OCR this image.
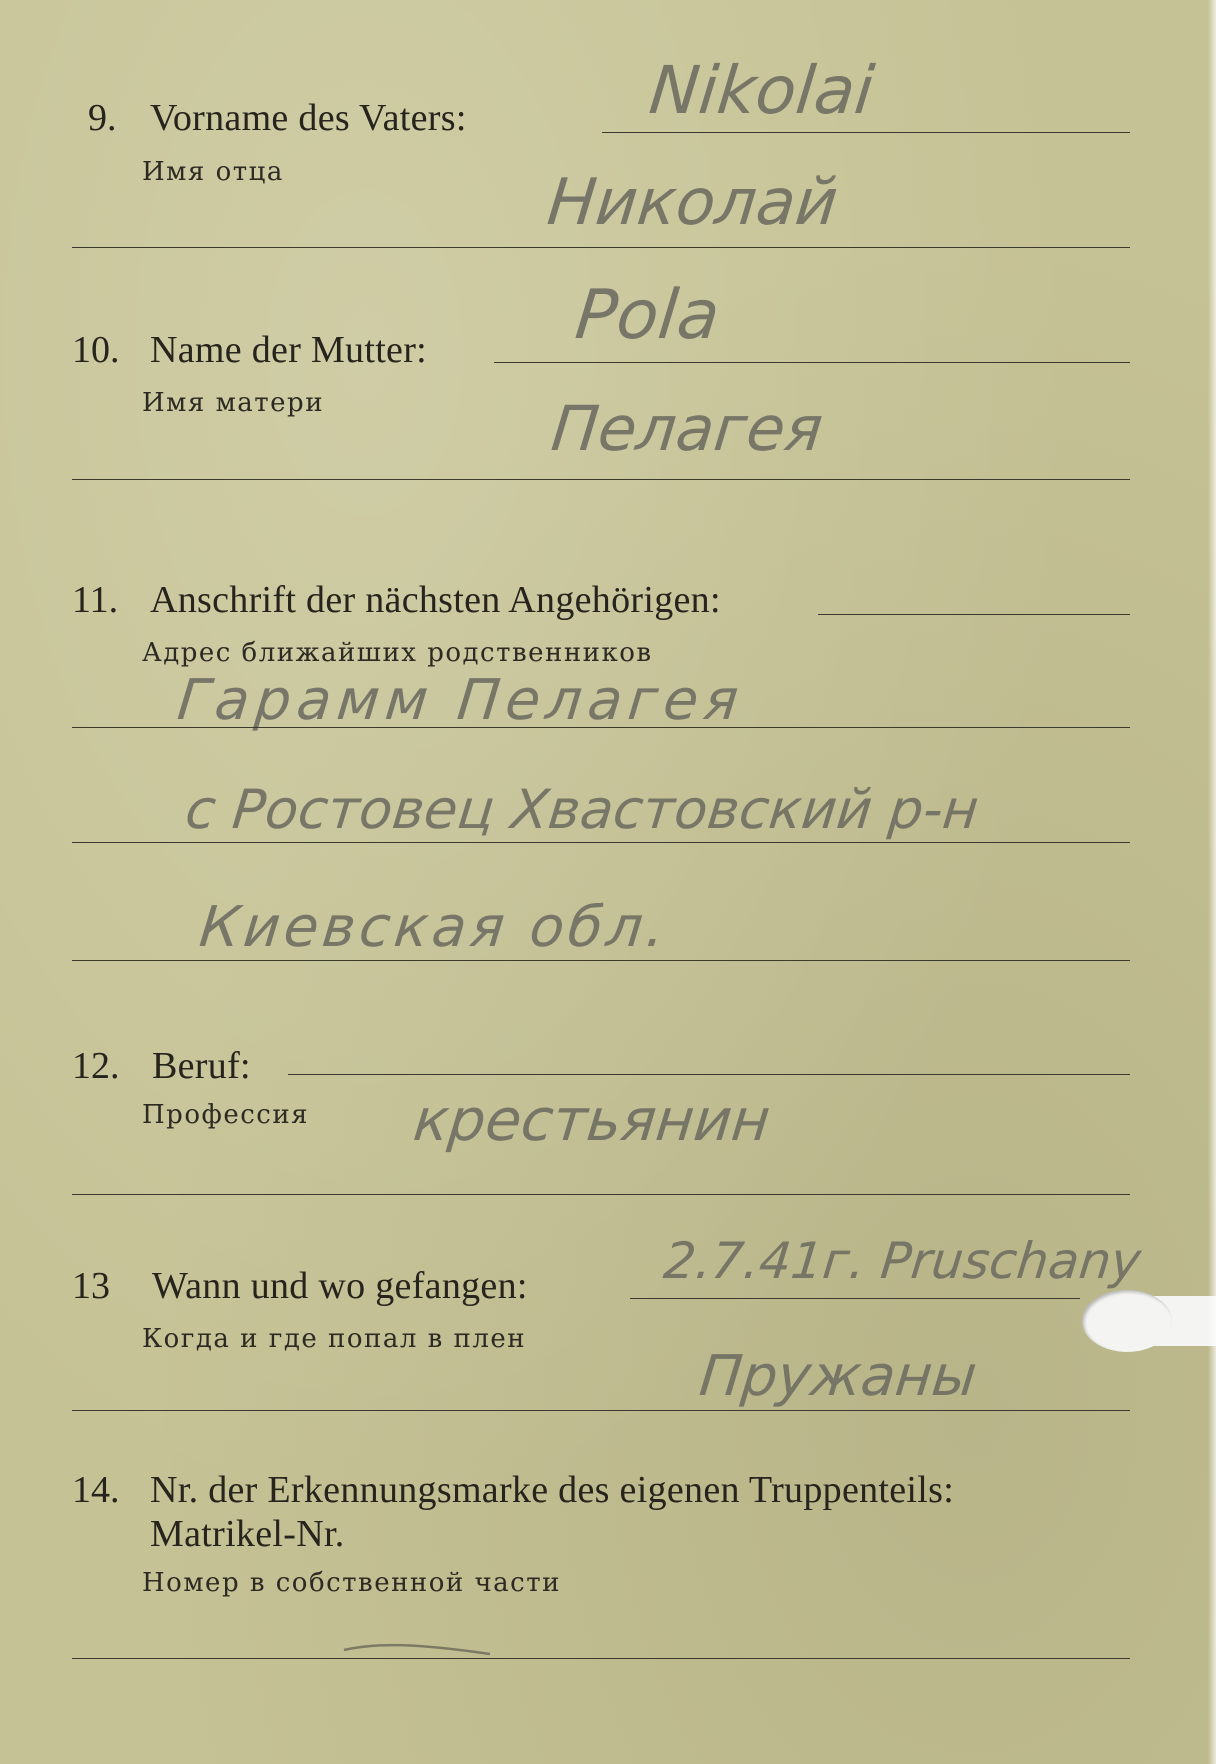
9. Vorname des Vaters:
Имя отца
Nikolai
Николай
10. Name der Mutter:
Имя матери
Pola
Пелагея
11. Anschrift der nächsten Angehörigen:
Адрес ближайших родственников
Гарамм Пелагея
с Ростовец Хвастовский р-н
Киевская обл.
12. Beruf:
Профессия крестьянин
13 Wann und wo gefangen:
Когда и где попал в плен
2.7.41г. Pruschany
Пружаны
14. Nr. der Erkennungsmarke des eigenen Truppenteils:
Matrikel-Nr.
Номер в собственной части
